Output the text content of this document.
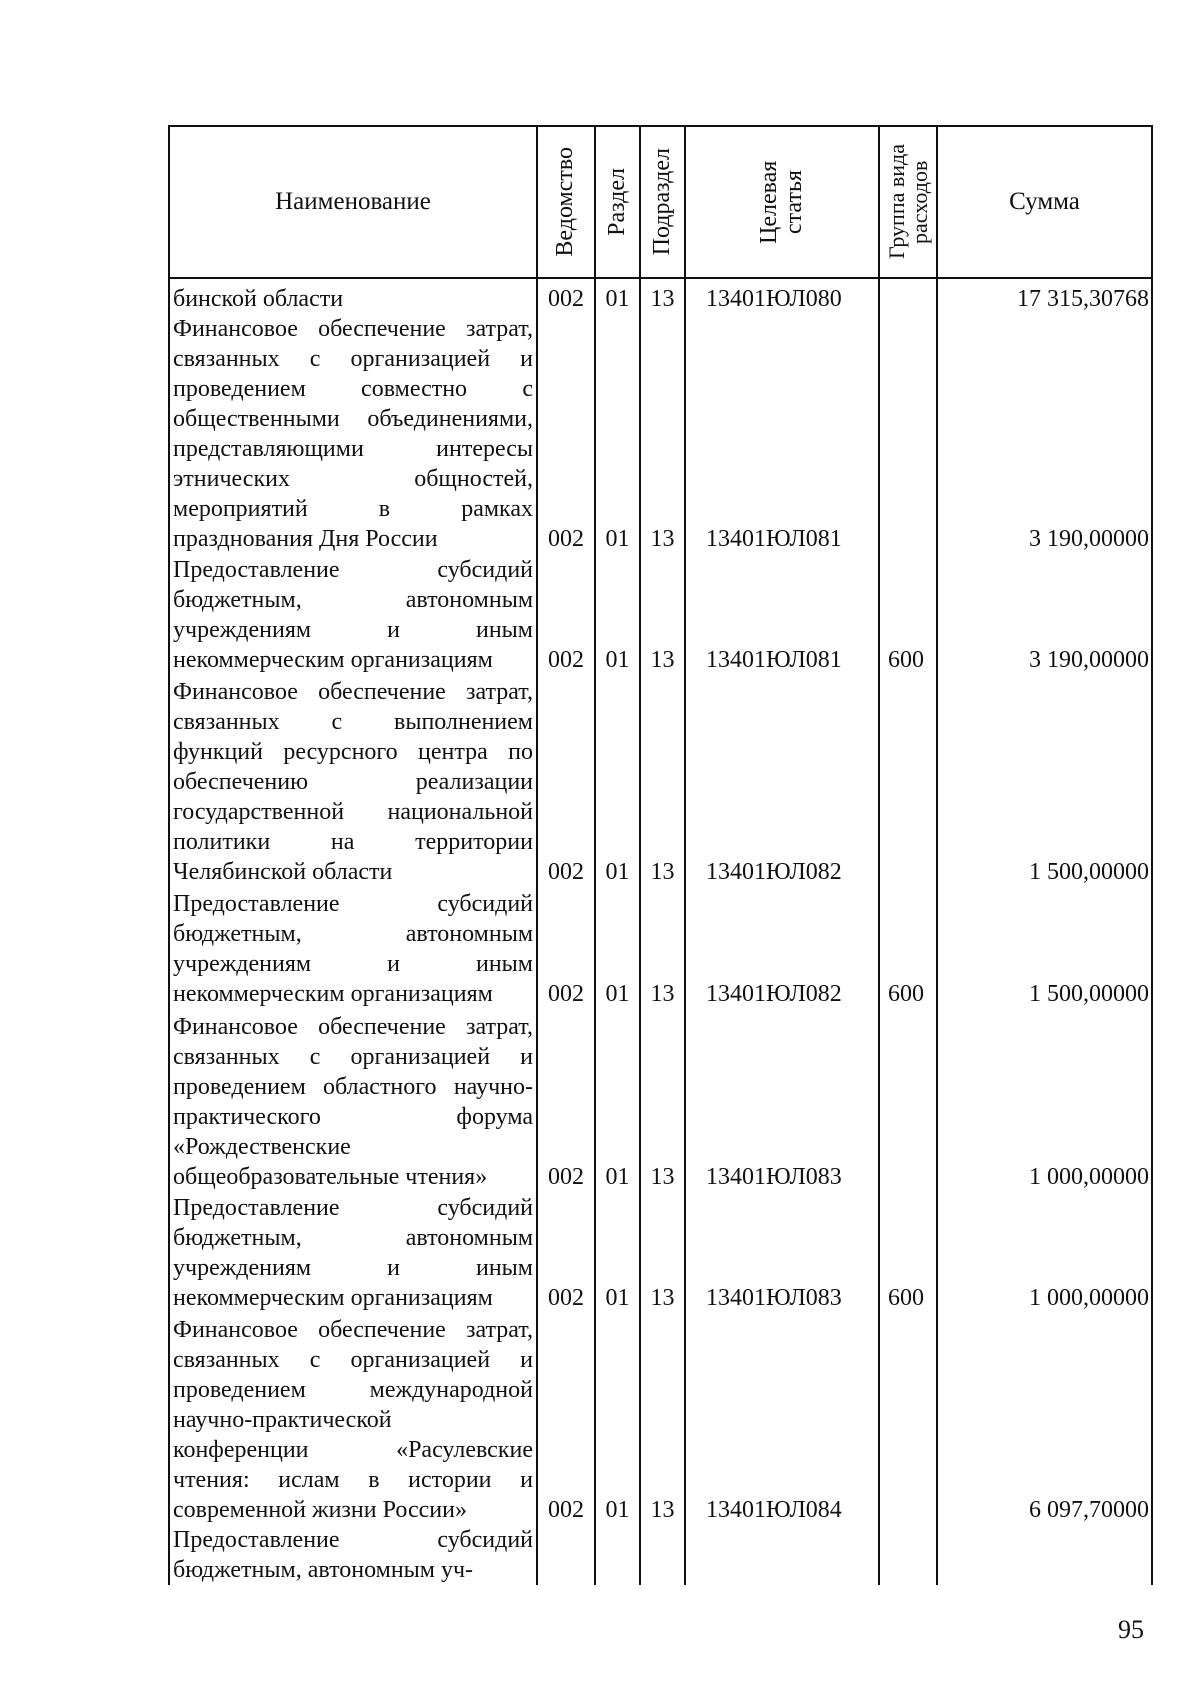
Наименование	Ведомство	Раздел	Подраздел	Целевая статья	Группа вида расходов	Сумма
бинской области	002	01	13	13401ЮЛ080		17 315,30768
Финансовое обеспечение затрат, связанных с организацией и проведением совместно с общественными объединениями, представляющими интересы этнических общностей, мероприятий в рамках празднования Дня России	002	01	13	13401ЮЛ081		3 190,00000
Предоставление субсидий бюджетным, автономным учреждениям и иным некоммерческим организациям	002	01	13	13401ЮЛ081	600	3 190,00000
Финансовое обеспечение затрат, связанных с выполнением функций ресурсного центра по обеспечению реализации государственной национальной политики на территории Челябинской области	002	01	13	13401ЮЛ082		1 500,00000
Предоставление субсидий бюджетным, автономным учреждениям и иным некоммерческим организациям	002	01	13	13401ЮЛ082	600	1 500,00000
Финансовое обеспечение затрат, связанных с организацией и проведением областного научно-практического форума «Рождественские общеобразовательные чтения»	002	01	13	13401ЮЛ083		1 000,00000
Предоставление субсидий бюджетным, автономным учреждениям и иным некоммерческим организациям	002	01	13	13401ЮЛ083	600	1 000,00000
Финансовое обеспечение затрат, связанных с организацией и проведением международной научно-практической конференции «Расулевские чтения: ислам в истории и современной жизни России»	002	01	13	13401ЮЛ084		6 097,70000
Предоставление субсидий бюджетным, автономным уч-						
95
